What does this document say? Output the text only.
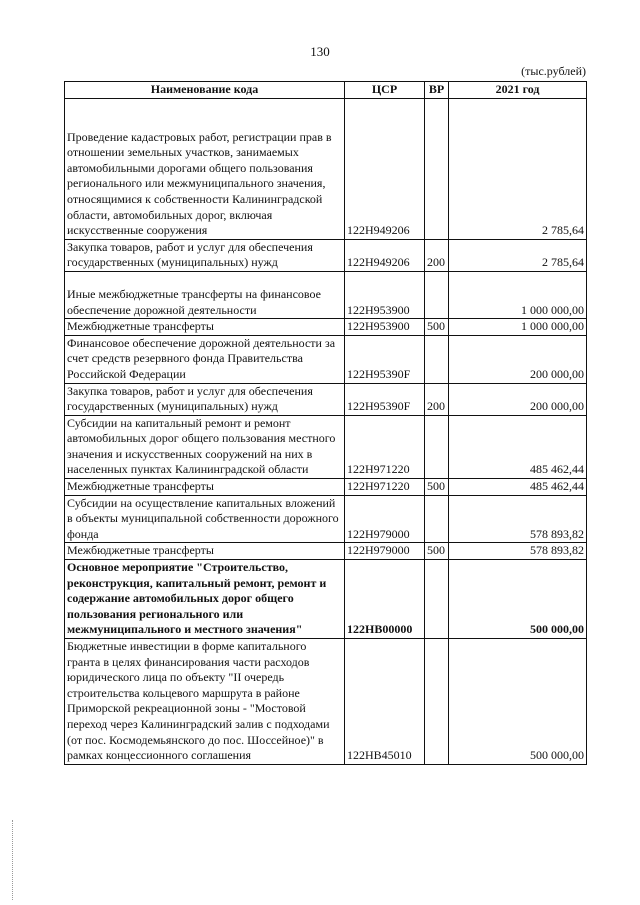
130
(тыс.рублей)
Наименование кода	ЦСР	ВР	2021 год
Проведение кадастровых работ, регистрации прав в отношении земельных участков, занимаемых автомобильными дорогами общего пользования регионального или межмуниципального значения, относящимися к собственности Калининградской области, автомобильных дорог, включая искусственные сооружения	122H949206		2 785,64
Закупка товаров, работ и услуг для обеспечения государственных (муниципальных) нужд	122H949206	200	2 785,64
Иные межбюджетные трансферты на финансовое обеспечение дорожной деятельности	122H953900		1 000 000,00
Межбюджетные трансферты	122H953900	500	1 000 000,00
Финансовое обеспечение дорожной деятельности за счет средств резервного фонда Правительства Российской Федерации	122H95390F		200 000,00
Закупка товаров, работ и услуг для обеспечения государственных (муниципальных) нужд	122H95390F	200	200 000,00
Субсидии на капитальный ремонт и ремонт автомобильных дорог общего пользования местного значения и искусственных сооружений на них в населенных пунктах Калининградской области	122H971220		485 462,44
Межбюджетные трансферты	122H971220	500	485 462,44
Субсидии на осуществление капитальных вложений в объекты муниципальной собственности дорожного фонда	122H979000		578 893,82
Межбюджетные трансферты	122H979000	500	578 893,82
Основное мероприятие "Строительство, реконструкция, капитальный ремонт, ремонт и содержание автомобильных дорог общего пользования регионального или межмуниципального и местного значения"	122HB00000		500 000,00
Бюджетные инвестиции в форме капитального гранта в целях финансирования части расходов юридического лица по объекту "II очередь строительства кольцевого маршрута в районе Приморской рекреационной зоны - "Мостовой переход через Калининградский залив с подходами (от пос. Космодемьянского до пос. Шоссейное)" в рамках концессионного соглашения	122HB45010		500 000,00
